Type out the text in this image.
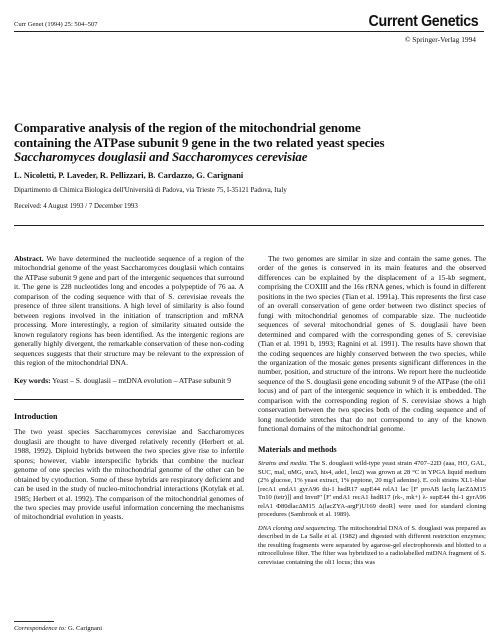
Curr Genet (1994) 25: 504–507	Current Genetics
© Springer-Verlag 1994
Comparative analysis of the region of the mitochondrial genome
containing the ATPase subunit 9 gene in the two related yeast species
Saccharomyces douglasii and Saccharomyces cerevisiae
L. Nicoletti, P. Laveder, R. Pellizzari, B. Cardazzo, G. Carignani
Dipartimento di Chimica Biologica dell'Università di Padova, via Trieste 75, I-35121 Padova, Italy
Received: 4 August 1993 / 7 December 1993

Abstract. We have determined the nucleotide sequence of a region of the mitochondrial genome of the yeast Saccharomyces douglasii which contains the ATPase subunit 9 gene and part of the intergenic sequences that surround it. The gene is 228 nucleotides long and encodes a polypeptide of 76 aa. A comparison of the coding sequence with that of S. cerevisiae reveals the presence of three silent transitions. A high level of similarity is also found between regions involved in the initiation of transcription and mRNA processing. More interestingly, a region of similarity situated outside the known regulatory regions has been identified. As the intergenic regions are generally highly divergent, the remarkable conservation of these non-coding sequences suggests that their structure may be relevant to the expression of this region of the mitochondrial DNA.

Key words: Yeast – S. douglasii – mtDNA evolution – ATPase subunit 9

Introduction

The two yeast species Saccharomyces cerevisiae and Saccharomyces douglasii are thought to have diverged relatively recently (Herbert et al. 1988, 1992). Diploid hybrids between the two species give rise to infertile spores; however, viable interspecific hybrids that combine the nuclear genome of one species with the mitochondrial genome of the other can be obtained by cytoduction. Some of these hybrids are respiratory deficient and can be used in the study of nucleo-mitochondrial interactions (Kotylak et al. 1985; Herbert et al. 1992). The comparison of the mitochondrial genomes of the two species may provide useful information concerning the mechanisms of mitochondrial evolution in yeasts.

The two genomes are similar in size and contain the same genes. The order of the genes is conserved in its main features and the observed differences can be explained by the displacement of a 15-kb segment, comprising the COXIII and the 16s rRNA genes, which is found in different positions in the two species (Tian et al. 1991a). This represents the first case of an overall conservation of gene order between two distinct species of fungi with mitochondrial genomes of comparable size. The nucleotide sequences of several mitochondrial genes of S. douglasii have been determined and compared with the corresponding genes of S. cerevisiae (Tian et al. 1991 b, 1993; Ragnini et al. 1991). The results have shown that the coding sequences are highly conserved between the two species, while the organization of the mosaic genes presents significant differences in the number, position, and structure of the introns. We report here the nucleotide sequence of the S. douglasii gene encoding subunit 9 of the ATPase (the oli1 locus) and of part of the intergenic sequence in which it is embedded. The comparison with the corresponding region of S. cerevisiae shows a high conservation between the two species both of the coding sequence and of long nucleotide stretches that do not correspond to any of the known functional domains of the mitochondrial genome.

Materials and methods

Strains and media. The S. douglasii wild-type yeast strain 4707–22D (aaa, HO, GAL, SUC, mal, αMG, ura3, his4, ade1, leu2) was grown at 28 °C in YPGA liquid medium (2% glucose, 1% yeast extract, 1% peptone, 20 mg/l adenine). E. coli strains XL1-blue [recA1 endA1 gyrA96 thi-1 hsdR17 supE44 relA1 lac [F' proAB lacIq lacZΔM15 Tn10 (tetr)]] and InvαF' [F' endA1 recA1 hsdR17 (rk-, mk+) λ- supE44 thi-1 gyrA96 relA1 Φ80dlacΔM15 Δ(lacZYA-argF)U169 deoR] were used for standard cloning procedures (Sambrook et al. 1989).

DNA cloning and sequencing. The mitochondrial DNA of S. douglasii was prepared as described in de La Salle et al. (1982) and digested with different restriction enzymes; the resulting fragments were separated by agarose-gel electrophoresis and blotted to a nitrocellulose filter. The filter was hybridized to a radiolabelled mtDNA fragment of S. cerevisiae containing the oli1 locus; this was

Correspondence to: G. Carignani
